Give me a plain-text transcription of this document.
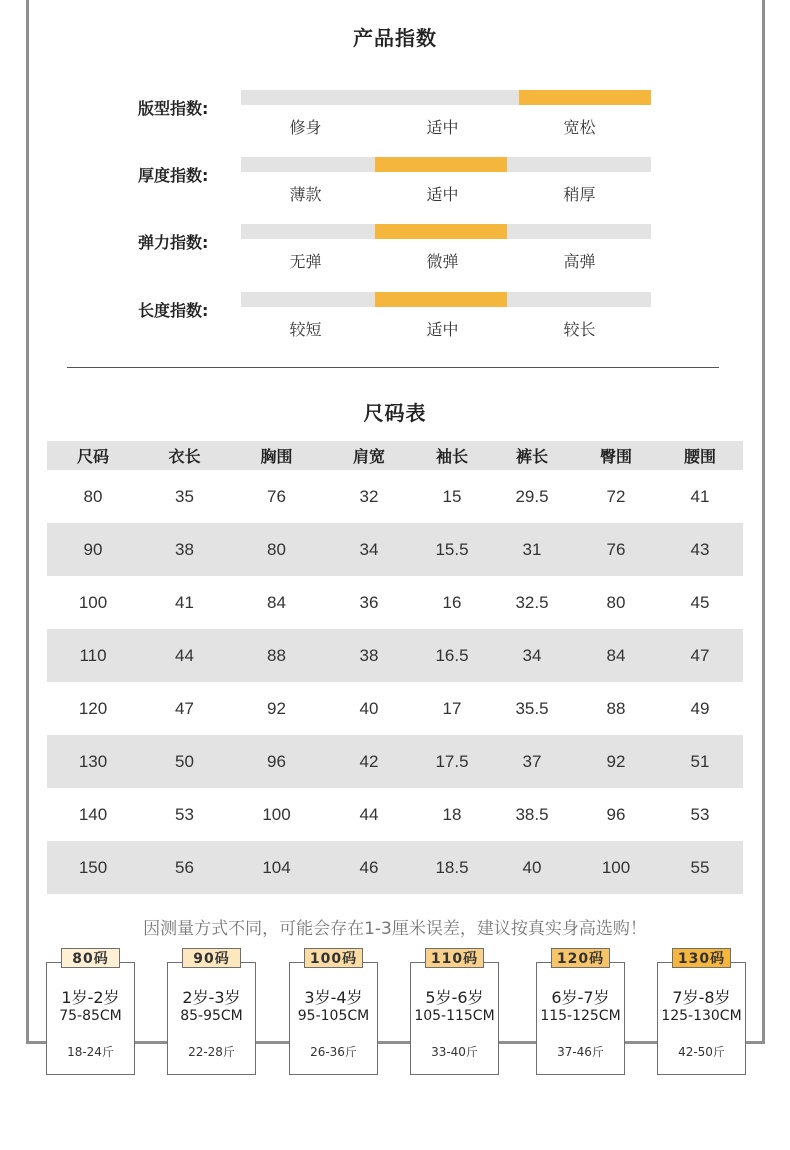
产品指数
版型指数:
修身	适中	宽松
厚度指数:
薄款	适中	稍厚
弹力指数:
无弹	微弹	高弹
长度指数:
较短	适中	较长
尺码表
尺码	衣长	胸围	肩宽	袖长	裤长	臀围	腰围
80	35	76	32	15	29.5	72	41
90	38	80	34	15.5	31	76	43
100	41	84	36	16	32.5	80	45
110	44	88	38	16.5	34	84	47
120	47	92	40	17	35.5	88	49
130	50	96	42	17.5	37	92	51
140	53	100	44	18	38.5	96	53
150	56	104	46	18.5	40	100	55
因测量方式不同，可能会存在1-3厘米误差，建议按真实身高选购！
1岁-2岁
75-85CM
18-24斤
80码
2岁-3岁
85-95CM
22-28斤
90码
3岁-4岁
95-105CM
26-36斤
100码
5岁-6岁
105-115CM
33-40斤
110码
6岁-7岁
115-125CM
37-46斤
120码
7岁-8岁
125-130CM
42-50斤
130码
